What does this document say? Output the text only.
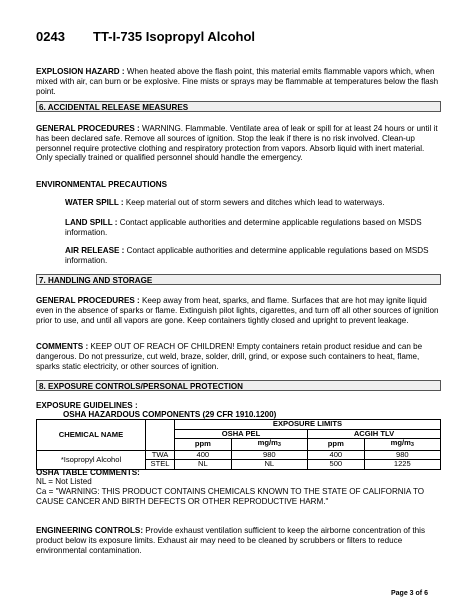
0243 TT-I-735 Isopropyl Alcohol
EXPLOSION HAZARD : When heated above the flash point, this material emits flammable vapors which, when mixed with air, can burn or be explosive. Fine mists or sprays may be flammable at temperatures below the flash point.
6. ACCIDENTAL RELEASE MEASURES
GENERAL PROCEDURES : WARNING. Flammable. Ventilate area of leak or spill for at least 24 hours or until it has been declared safe. Remove all sources of ignition. Stop the leak if there is no risk involved. Clean-up personnel require protective clothing and respiratory protection from vapors. Absorb liquid with inert material. Only specially trained or qualified personnel should handle the emergency.
ENVIRONMENTAL PRECAUTIONS
WATER SPILL : Keep material out of storm sewers and ditches which lead to waterways.
LAND SPILL : Contact applicable authorities and determine applicable regulations based on MSDS information.
AIR RELEASE : Contact applicable authorities and determine applicable regulations based on MSDS information.
7. HANDLING AND STORAGE
GENERAL PROCEDURES : Keep away from heat, sparks, and flame. Surfaces that are hot may ignite liquid even in the absence of sparks or flame. Extinguish pilot lights, cigarettes, and turn off all other sources of ignition prior to use, and until all vapors are gone. Keep containers tightly closed and upright to prevent leakage.
COMMENTS : KEEP OUT OF REACH OF CHILDREN! Empty containers retain product residue and can be dangerous. Do not pressurize, cut weld, braze, solder, drill, grind, or expose such containers to heat, flame, sparks static electricity, or other sources of ignition.
8. EXPOSURE CONTROLS/PERSONAL PROTECTION
EXPOSURE GUIDELINES :
OSHA HAZARDOUS COMPONENTS (29 CFR 1910.1200)
CHEMICAL NAME		EXPOSURE LIMITS			
		OSHA PEL		ACGIH TLV	
		ppm	$mg/m_3$	ppm	$mg/m_3$
*Isopropyl Alcohol	TWA	400	980	400	980
	STEL	NL	NL	500	1225
OSHA TABLE COMMENTS:
NL = Not Listed
Ca = "WARNING: THIS PRODUCT CONTAINS CHEMICALS KNOWN TO THE STATE OF CALIFORNIA TO CAUSE CANCER AND BIRTH DEFECTS OR OTHER REPRODUCTIVE HARM."
ENGINEERING CONTROLS: Provide exhaust ventilation sufficient to keep the airborne concentration of this product below its exposure limits. Exhaust air may need to be cleaned by scrubbers or filters to reduce environmental contamination.
Page 3 of 6
